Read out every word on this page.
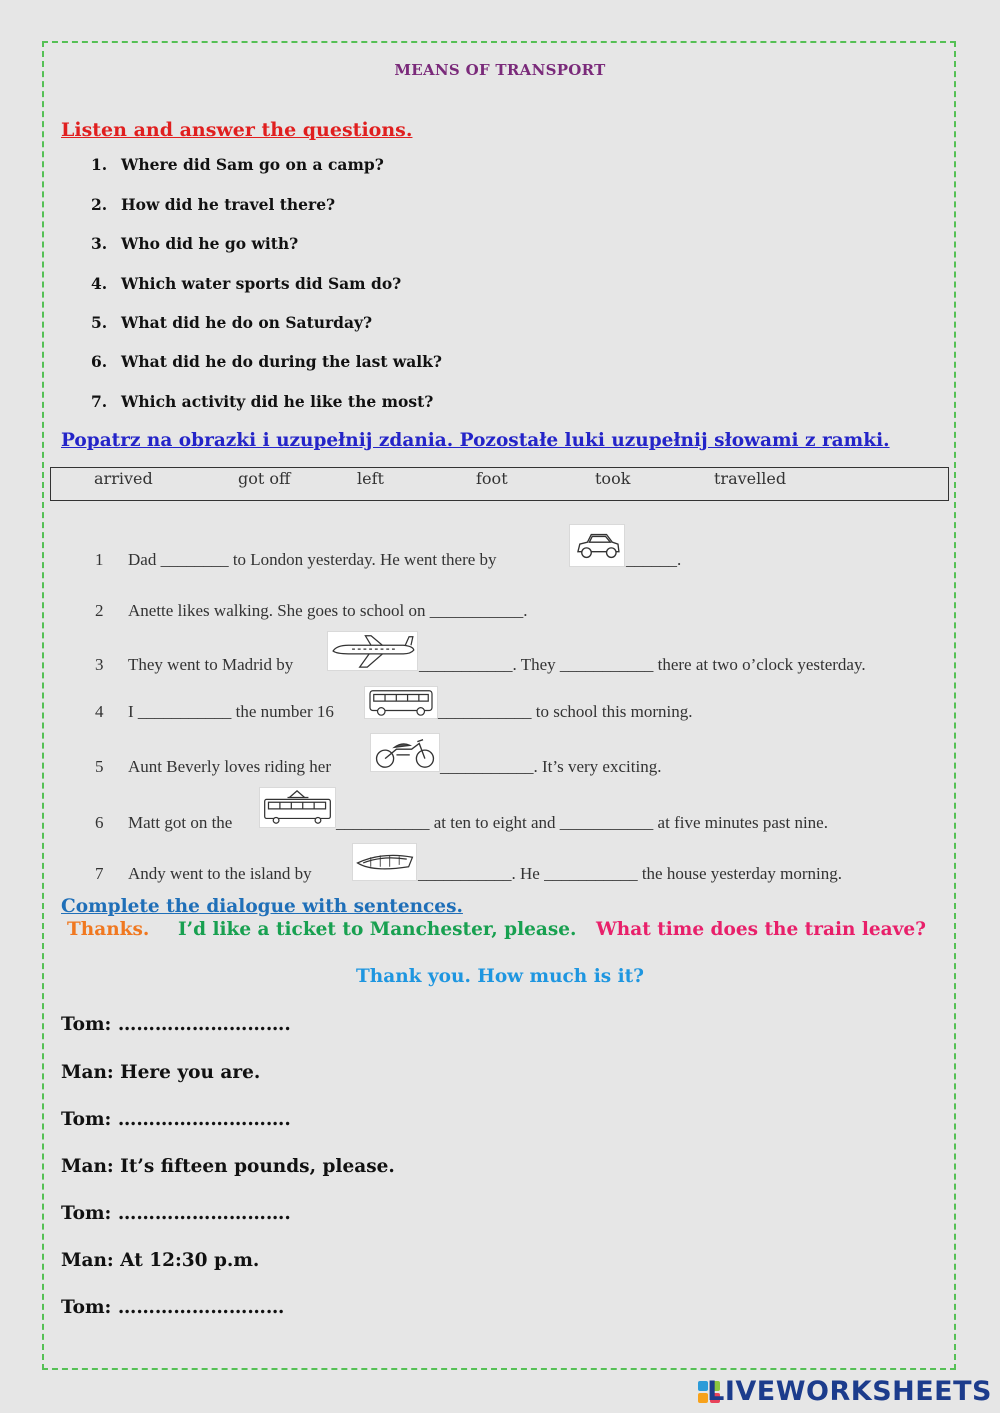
MEANS OF TRANSPORT
Listen and answer the questions.
1. Where did Sam go on a camp?
2. How did he travel there?
3. Who did he go with?
4. Which water sports did Sam do?
5. What did he do on Saturday?
6. What did he do during the last walk?
7. Which activity did he like the most?
Popatrz na obrazki i uzupełnij zdania. Pozostałe luki uzupełnij słowami z ramki.
arrived	got off	left	foot	took	travelled
1 Dad ________ to London yesterday. He went there by	______.
2 Anette likes walking. She goes to school on ___________.
3 They went to Madrid by	___________. They ___________ there at two o’clock yesterday.
4 I ___________ the number 16	___________ to school this morning.
5 Aunt Beverly loves riding her	___________. It’s very exciting.
6 Matt got on the	___________ at ten to eight and ___________ at five minutes past nine.
7 Andy went to the island by	___________. He ___________ the house yesterday morning.
Complete the dialogue with sentences.
Thanks. I’d like a ticket to Manchester, please. What time does the train leave?
Thank you. How much is it?
Tom: ……………………….
Man: Here you are.
Tom: ……………………….
Man: It’s fifteen pounds, please.
Tom: ……………………….
Man: At 12:30 p.m.
Tom: ………………………
LIVEWORKSHEETS
